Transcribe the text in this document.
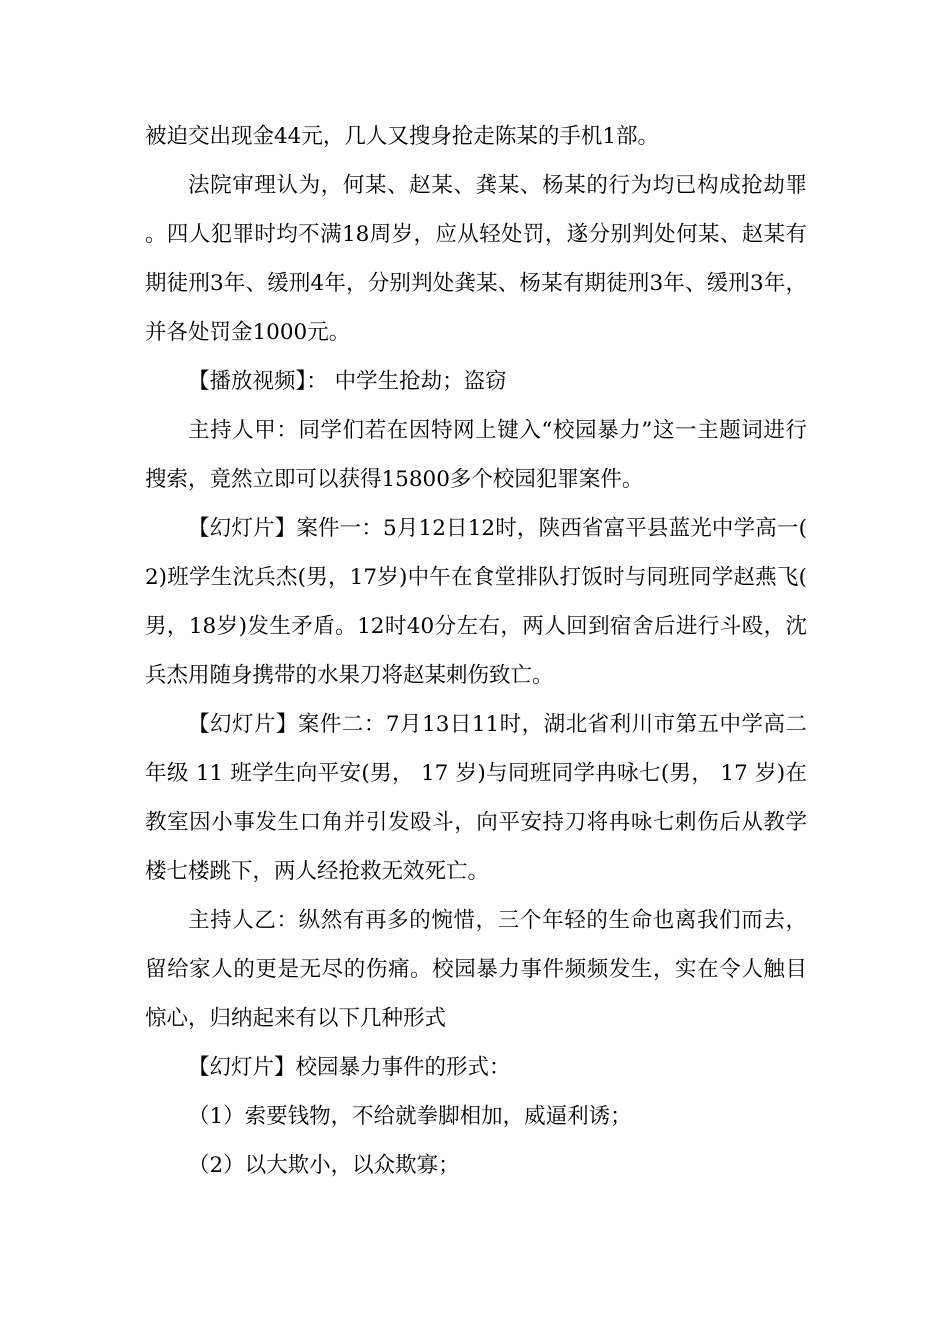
被迫交出现金44元，几人又搜身抢走陈某的手机1部。

法院审理认为，何某、赵某、龚某、杨某的行为均已构成抢劫罪。四人犯罪时均不满18周岁，应从轻处罚，遂分别判处何某、赵某有期徒刑3年、缓刑4年，分别判处龚某、杨某有期徒刑3年、缓刑3年，并各处罚金1000元。

【播放视频】： 中学生抢劫；盗窃

主持人甲：同学们若在因特网上键入“校园暴力”这一主题词进行搜索，竟然立即可以获得15800多个校园犯罪案件。

【幻灯片】案件一：5月12日12时，陕西省富平县蓝光中学高一(2)班学生沈兵杰(男，17岁)中午在食堂排队打饭时与同班同学赵燕飞(男，18岁)发生矛盾。12时40分左右，两人回到宿舍后进行斗殴，沈兵杰用随身携带的水果刀将赵某刺伤致亡。

【幻灯片】案件二：7月13日11时，湖北省利川市第五中学高二年级 11 班学生向平安(男， 17 岁)与同班同学冉咏七(男， 17 岁)在教室因小事发生口角并引发殴斗，向平安持刀将冉咏七刺伤后从教学楼七楼跳下，两人经抢救无效死亡。

主持人乙：纵然有再多的惋惜，三个年轻的生命也离我们而去，留给家人的更是无尽的伤痛。校园暴力事件频频发生，实在令人触目惊心，归纳起来有以下几种形式

【幻灯片】校园暴力事件的形式：

（1）索要钱物，不给就拳脚相加，威逼利诱；

（2）以大欺小，以众欺寡；
